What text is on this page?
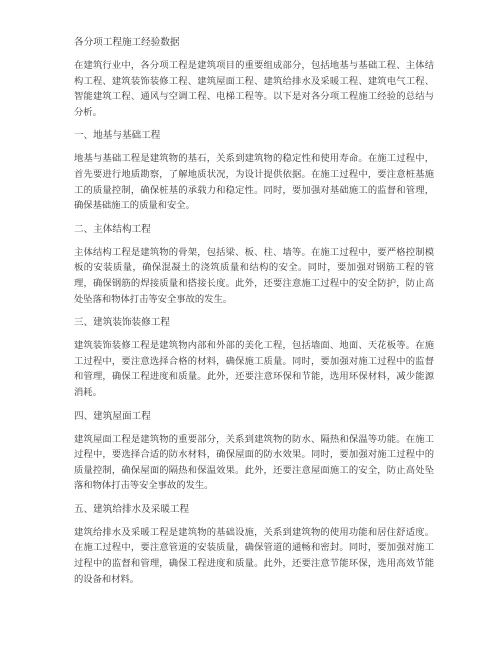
各分项工程施工经验数据
在建筑行业中，各分项工程是建筑项目的重要组成部分，包括地基与基础工程、主体结构工程、建筑装饰装修工程、建筑屋面工程、建筑给排水及采暖工程、建筑电气工程、智能建筑工程、通风与空调工程、电梯工程等。以下是对各分项工程施工经验的总结与分析。
一、地基与基础工程
地基与基础工程是建筑物的基石，关系到建筑物的稳定性和使用寿命。在施工过程中，首先要进行地质勘察，了解地质状况，为设计提供依据。在施工过程中，要注意桩基施工的质量控制，确保桩基的承载力和稳定性。同时，要加强对基础施工的监督和管理，确保基础施工的质量和安全。
二、主体结构工程
主体结构工程是建筑物的骨架，包括梁、板、柱、墙等。在施工过程中，要严格控制模板的安装质量，确保混凝土的浇筑质量和结构的安全。同时，要加强对钢筋工程的管理，确保钢筋的焊接质量和搭接长度。此外，还要注意施工过程中的安全防护，防止高处坠落和物体打击等安全事故的发生。
三、建筑装饰装修工程
建筑装饰装修工程是建筑物内部和外部的美化工程，包括墙面、地面、天花板等。在施工过程中，要注意选择合格的材料，确保施工质量。同时，要加强对施工过程中的监督和管理，确保工程进度和质量。此外，还要注意环保和节能，选用环保材料，减少能源消耗。
四、建筑屋面工程
建筑屋面工程是建筑物的重要部分，关系到建筑物的防水、隔热和保温等功能。在施工过程中，要选择合适的防水材料，确保屋面的防水效果。同时，要加强对施工过程中的质量控制，确保屋面的隔热和保温效果。此外，还要注意屋面施工的安全，防止高处坠落和物体打击等安全事故的发生。
五、建筑给排水及采暖工程
建筑给排水及采暖工程是建筑物的基础设施，关系到建筑物的使用功能和居住舒适度。在施工过程中，要注意管道的安装质量，确保管道的通畅和密封。同时，要加强对施工过程中的监督和管理，确保工程进度和质量。此外，还要注意节能环保，选用高效节能的设备和材料。
